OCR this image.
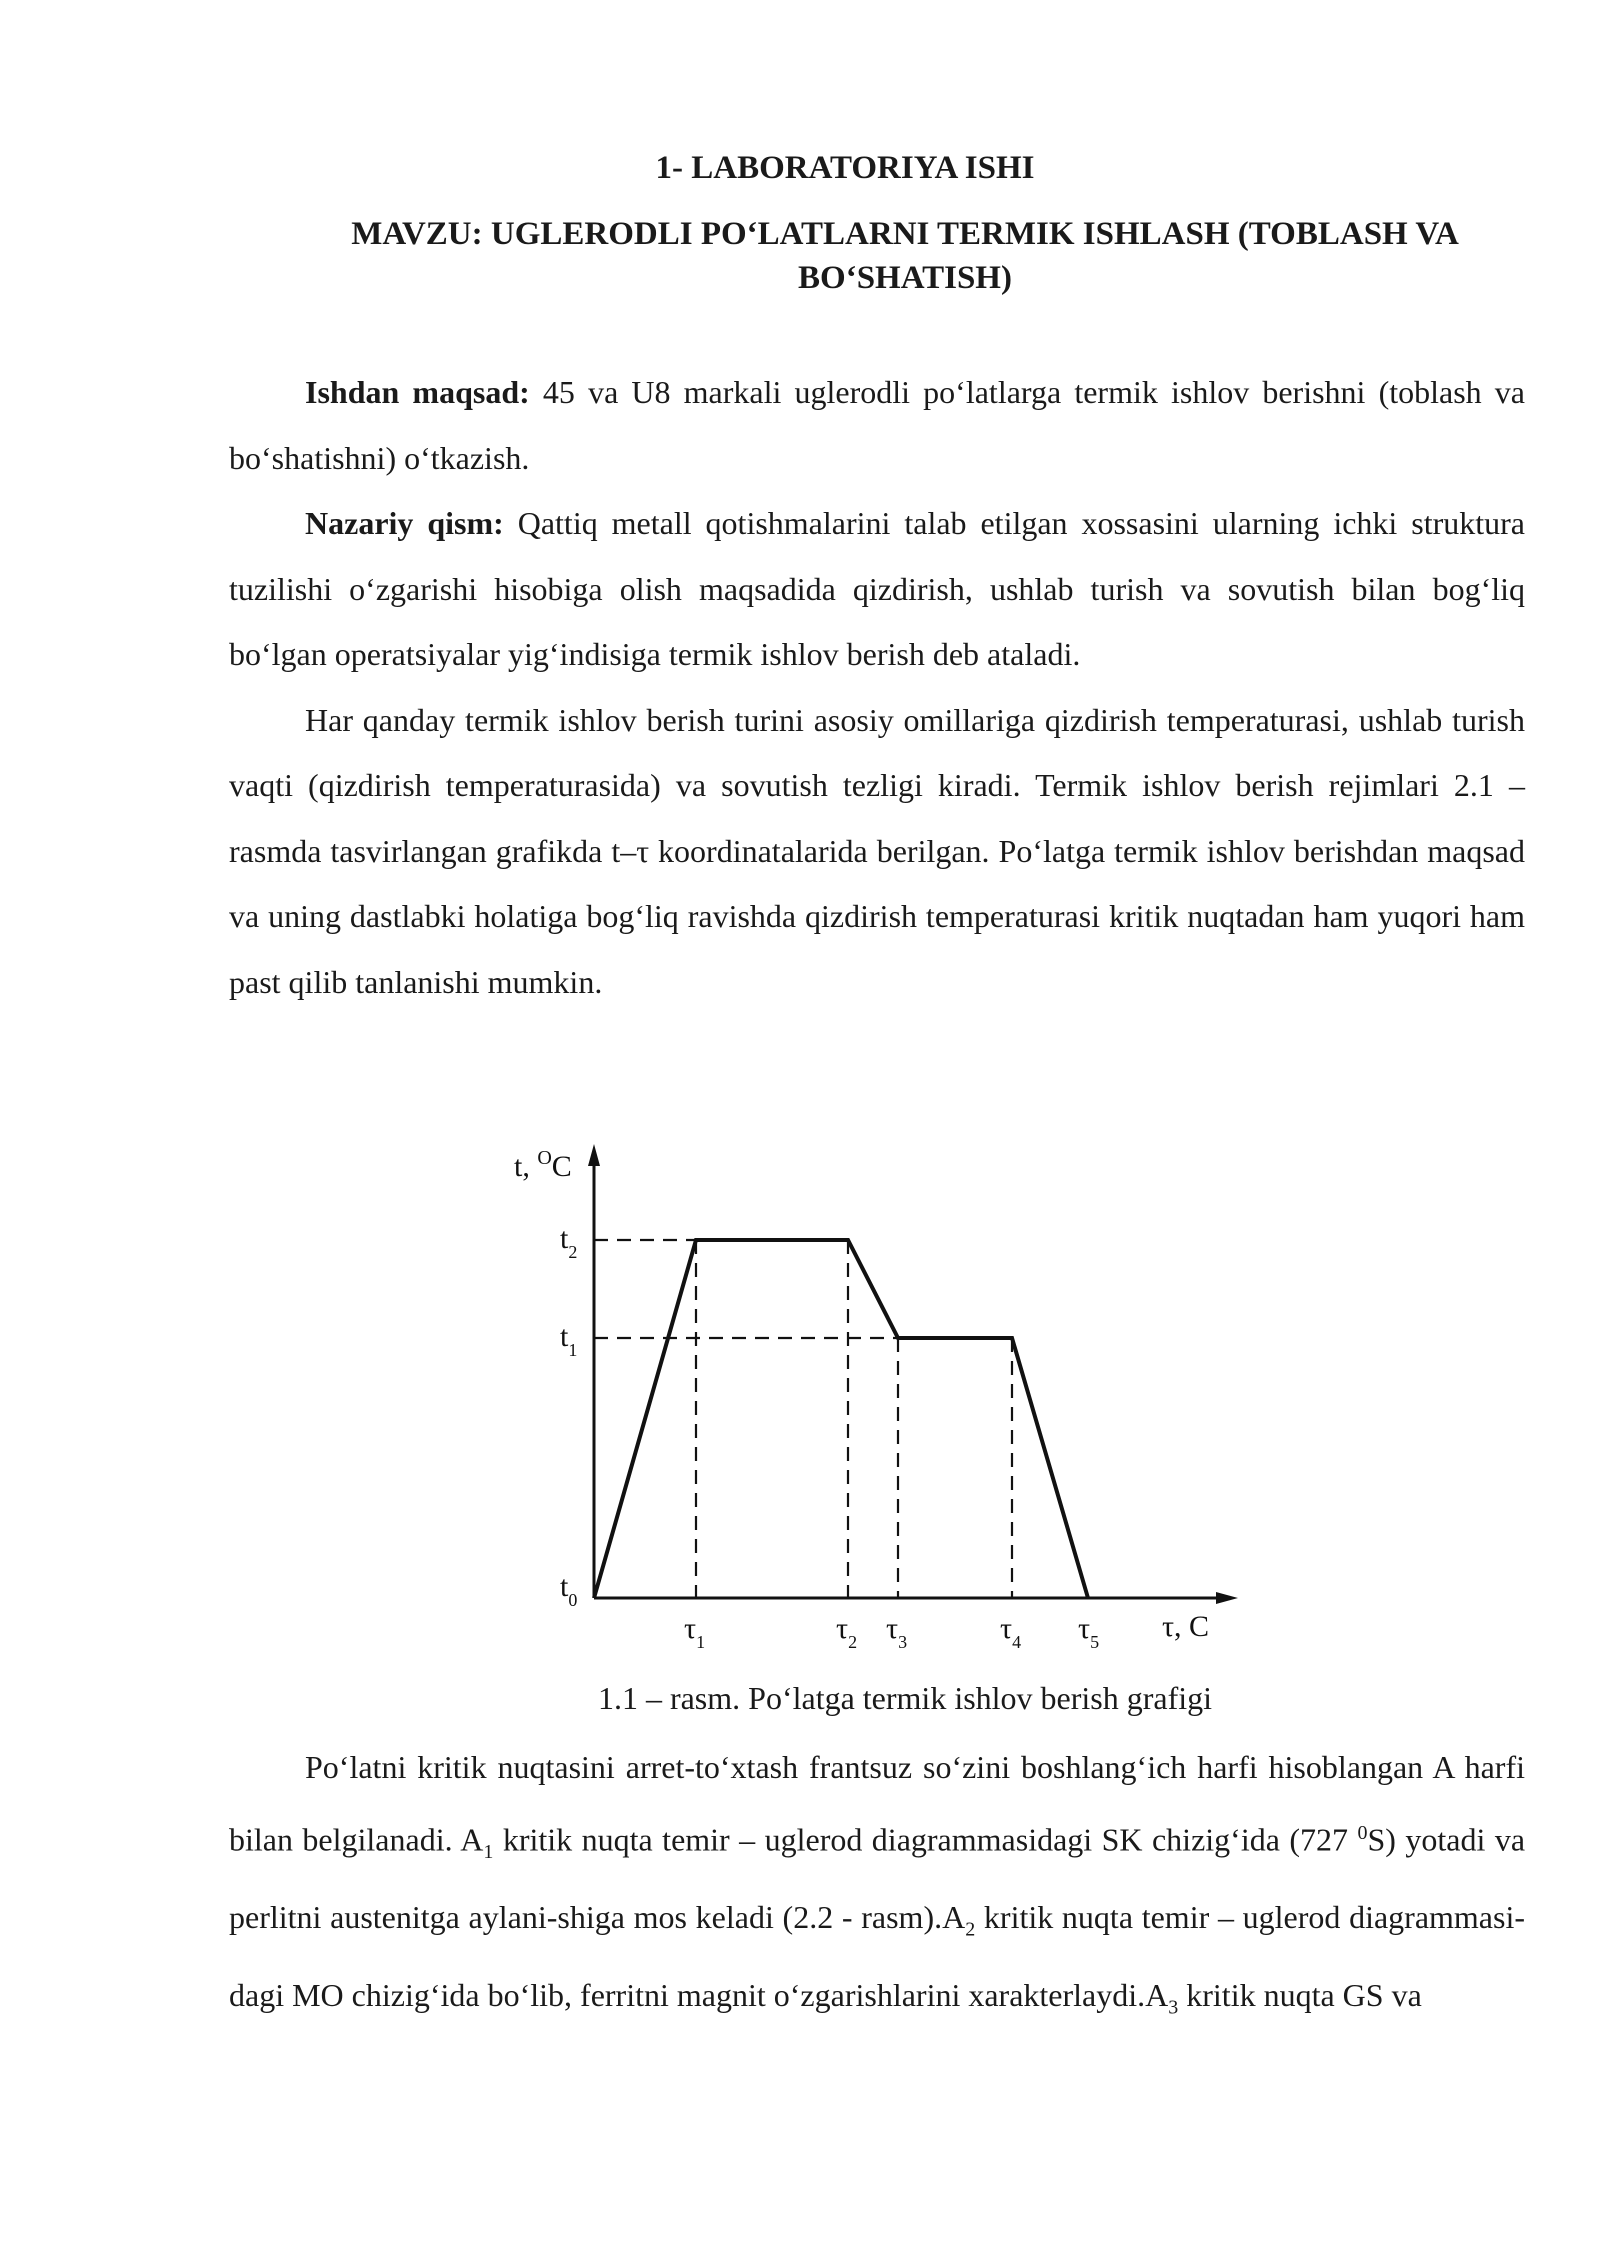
1- LABORATORIYA ISHI
MAVZU: UGLERODLI PO‘LATLARNI TERMIK ISHLASH (TOBLASH VA BO‘SHATISH)

Ishdan maqsad: 45 va U8 markali uglerodli po‘latlarga termik ishlov berishni (toblash va bo‘shatishni) o‘tkazish.

Nazariy qism: Qattiq metall qotishmalarini talab etilgan xossasini ularning ichki struktura tuzilishi o‘zgarishi hisobiga olish maqsadida qizdirish, ushlab turish va sovutish bilan bog‘liq bo‘lgan operatsiyalar yig‘indisiga termik ishlov berish deb ataladi.

Har qanday termik ishlov berish turini asosiy omillariga qizdirish temperaturasi, ushlab turish vaqti (qizdirish temperaturasida) va sovutish tezligi kiradi. Termik ishlov berish rejimlari 2.1 –rasmda tasvirlangan grafikda t–τ koordinatalarida berilgan. Po‘latga termik ishlov berishdan maqsad va uning dastlabki holatiga bog‘liq ravishda qizdirish temperaturasi kritik nuqtadan ham yuqori ham past qilib tanlanishi mumkin.

t, $^O$C
$t_2$
$t_1$
$t_0$
$\tau_1$	$\tau_2$ $\tau_3$	$\tau_4$ $\tau_5$ τ, C
1.1 – rasm. Po‘latga termik ishlov berish grafigi

Po‘latni kritik nuqtasini arret-to‘xtash frantsuz so‘zini boshlang‘ich harfi hisoblangan A harfi bilan belgilanadi. $A_1$ kritik nuqta temir – uglerod diagrammasidagi SK chizig‘ida (727 $^0$S) yotadi va perlitni austenitga aylani-shiga mos keladi $(2.2 - rasm).A_2$ kritik nuqta temir – uglerod diagrammasi-dagi MO chizig‘ida bo‘lib, ferritni magnit o‘zgarishlarini $xarakterlaydi.A_3$ kritik nuqta GS va
